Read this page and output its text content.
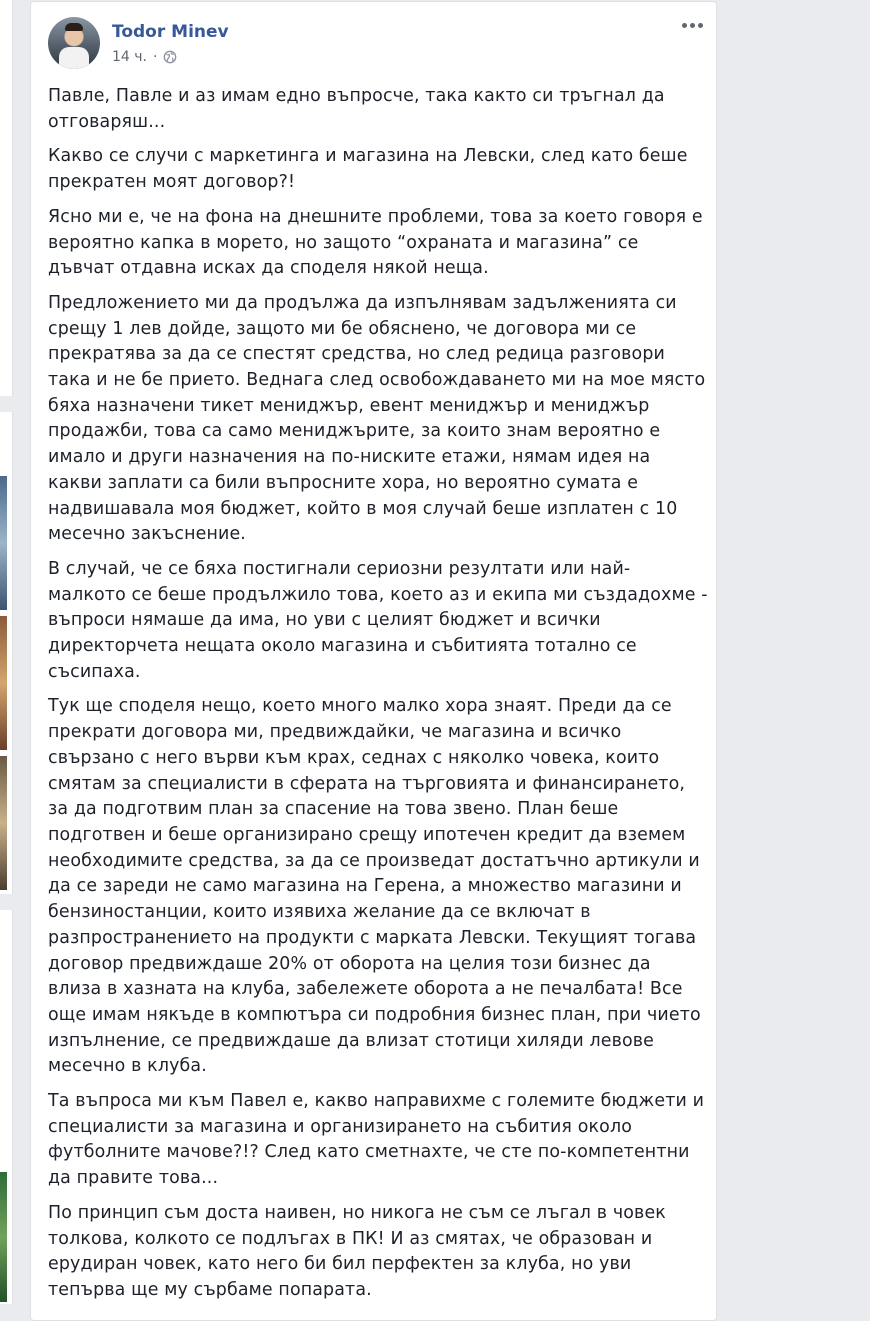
Todor Minev
14 ч. ·

Павле, Павле и аз имам едно въпросче, така както си тръгнал да отговаряш...

Какво се случи с маркетинга и магазина на Левски, след като беше прекратен моят договор?!

Ясно ми е, че на фона на днешните проблеми, това за което говоря е вероятно капка в морето, но защото “охраната и магазина” се дъвчат отдавна исках да споделя някой неща.

Предложението ми да продължа да изпълнявам задълженията си срещу 1 лев дойде, защото ми бе обяснено, че договора ми се прекратява за да се спестят средства, но след редица разговори така и не бе прието. Веднага след освобождаването ми на мое място бяха назначени тикет мениджър, евент мениджър и мениджър продажби, това са само мениджърите, за които знам вероятно е имало и други назначения на по-ниските етажи, нямам идея на какви заплати са били въпросните хора, но вероятно сумата е надвишавала моя бюджет, който в моя случай беше изплатен с 10 месечно закъснение.

В случай, че се бяха постигнали сериозни резултати или най-малкото се беше продължило това, което аз и екипа ми създадохме - въпроси нямаше да има, но уви с целият бюджет и всички директорчета нещата около магазина и събитията тотално се съсипаха.

Тук ще споделя нещо, което много малко хора знаят. Преди да се прекрати договора ми, предвиждайки, че магазина и всичко свързано с него върви към крах, седнах с няколко човека, които смятам за специалисти в сферата на търговията и финансирането, за да подготвим план за спасение на това звено. План беше подготвен и беше организирано срещу ипотечен кредит да вземем необходимите средства, за да се произведат достатъчно артикули и да се зареди не само магазина на Герена, а множество магазини и бензиностанции, които изявиха желание да се включат в разпространението на продукти с марката Левски. Текущият тогава договор предвиждаше 20% от оборота на целия този бизнес да влиза в хазната на клуба, забележете оборота а не печалбата! Все още имам някъде в компютъра си подробния бизнес план, при чието изпълнение, се предвиждаше да влизат стотици хиляди левове месечно в клуба.

Та въпроса ми към Павел е, какво направихме с големите бюджети и специалисти за магазина и организирането на събития около футболните мачове?!? След като сметнахте, че сте по-компетентни да правите това...

По принцип съм доста наивен, но никога не съм се лъгал в човек толкова, колкото се подлъгах в ПК! И аз смятах, че образован и ерудиран човек, като него би бил перфектен за клуба, но уви тепърва ще му сърбаме попарата.
